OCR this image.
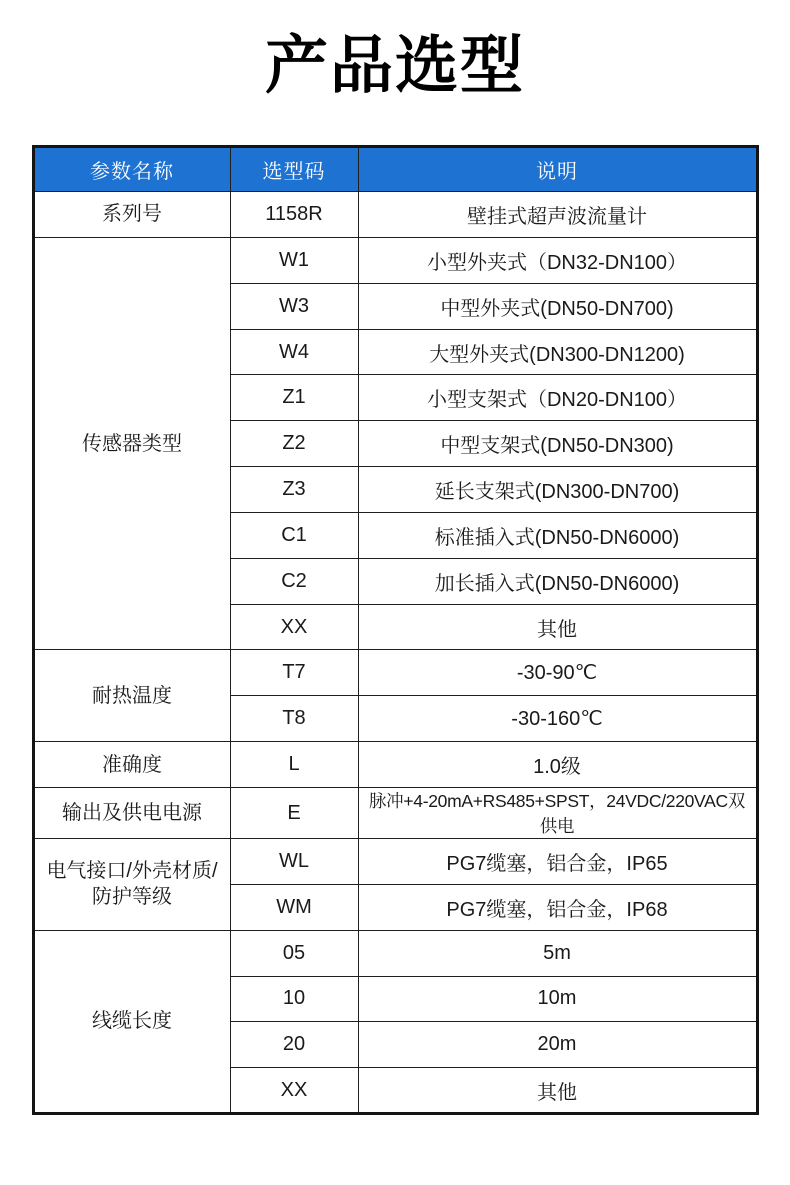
产品选型
参数名称	选型码	说明
系列号	1158R	壁挂式超声波流量计
传感器类型	W1	小型外夹式（DN32-DN100）
	W3	中型外夹式(DN50-DN700)
	W4	大型外夹式(DN300-DN1200)
	Z1	小型支架式（DN20-DN100）
	Z2	中型支架式(DN50-DN300)
	Z3	延长支架式(DN300-DN700)
	C1	标准插入式(DN50-DN6000)
	C2	加长插入式(DN50-DN6000)
	XX	其他
耐热温度	T7	-30-90℃
	T8	-30-160℃
准确度	L	1.0级
输出及供电电源	E	脉冲+4-20mA+RS485+SPST，24VDC/220VAC双供电
电气接口/外壳材质/防护等级	WL	PG7缆塞，铝合金，IP65
	WM	PG7缆塞，铝合金，IP68
线缆长度	05	5m
	10	10m
	20	20m
	XX	其他
